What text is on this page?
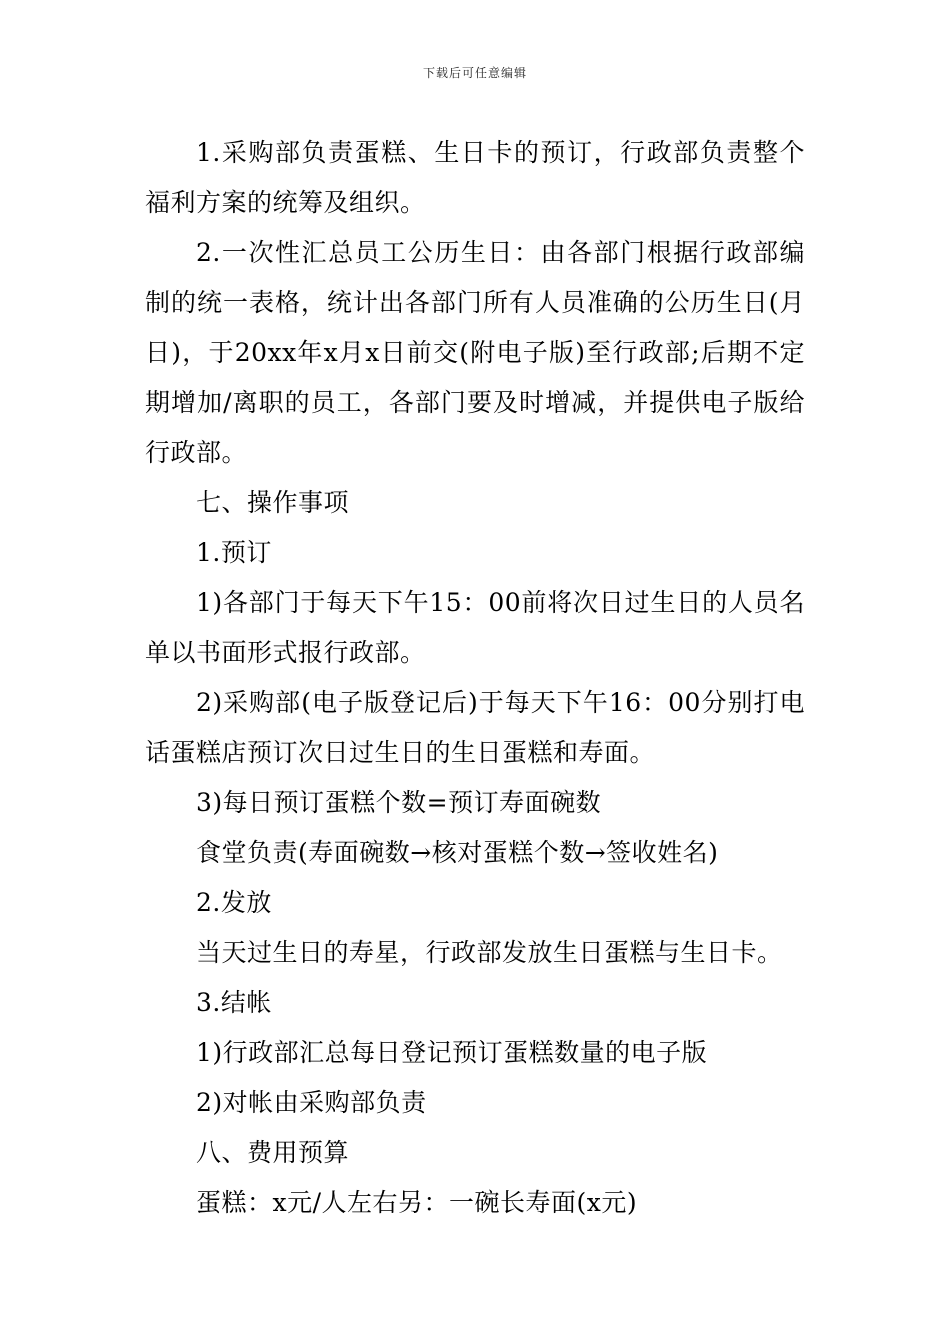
下载后可任意编辑

1.采购部负责蛋糕、生日卡的预订，行政部负责整个福利方案的统筹及组织。

2.一次性汇总员工公历生日：由各部门根据行政部编制的统一表格，统计出各部门所有人员准确的公历生日(月日)，于20xx年x月x日前交(附电子版)至行政部;后期不定期增加/离职的员工，各部门要及时增减，并提供电子版给行政部。

七、操作事项

1.预订

1)各部门于每天下午15：00前将次日过生日的人员名单以书面形式报行政部。

2)采购部(电子版登记后)于每天下午16：00分别打电话蛋糕店预订次日过生日的生日蛋糕和寿面。

3)每日预订蛋糕个数=预订寿面碗数

食堂负责(寿面碗数→核对蛋糕个数→签收姓名)

2.发放

当天过生日的寿星，行政部发放生日蛋糕与生日卡。

3.结帐

1)行政部汇总每日登记预订蛋糕数量的电子版

2)对帐由采购部负责

八、费用预算

蛋糕：x元/人左右另：一碗长寿面(x元)
